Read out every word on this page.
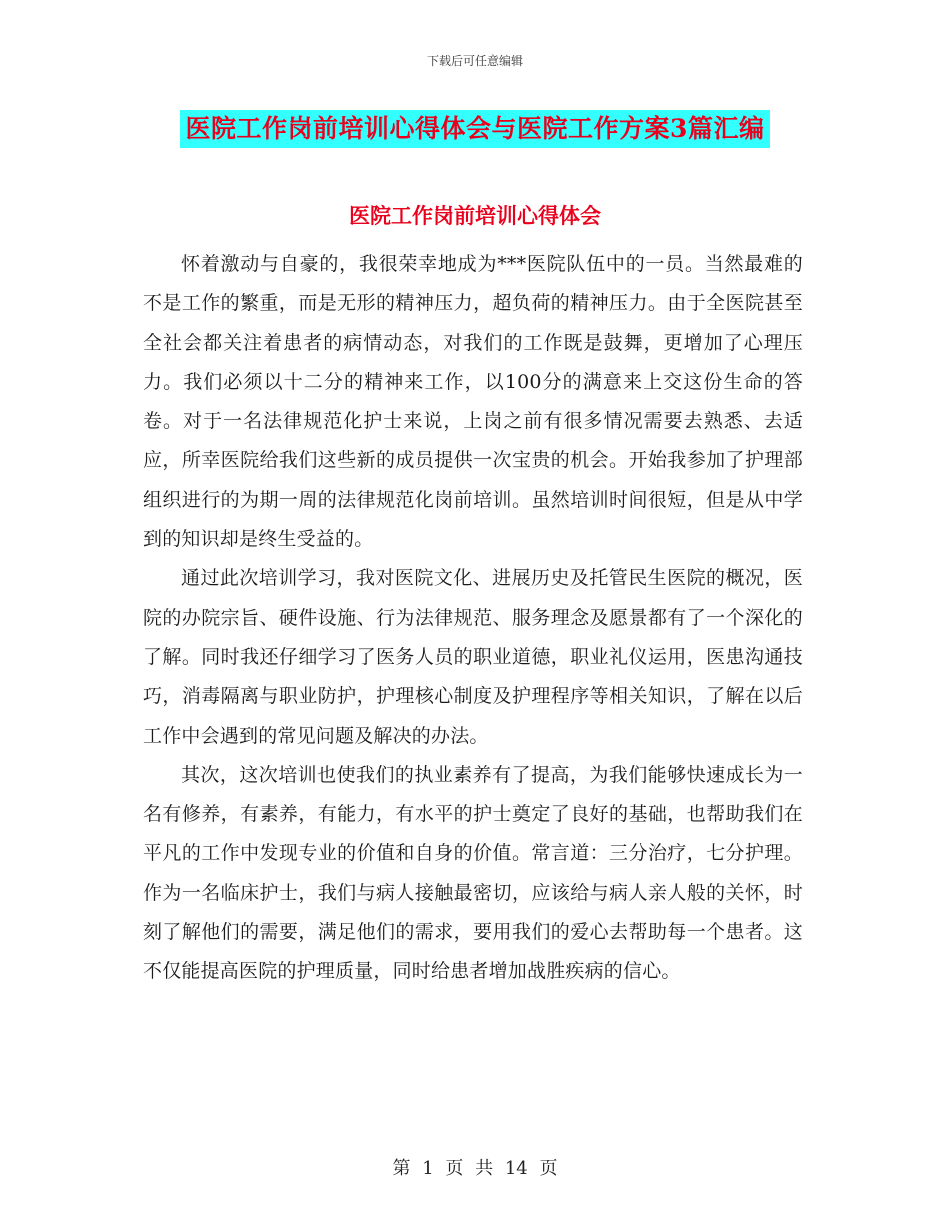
下载后可任意编辑
医院工作岗前培训心得体会与医院工作方案3篇汇编
医院工作岗前培训心得体会

怀着激动与自豪的，我很荣幸地成为***医院队伍中的一员。当然最难的不是工作的繁重，而是无形的精神压力，超负荷的精神压力。由于全医院甚至全社会都关注着患者的病情动态，对我们的工作既是鼓舞，更增加了心理压力。我们必须以十二分的精神来工作，以100分的满意来上交这份生命的答卷。对于一名法律规范化护士来说，上岗之前有很多情况需要去熟悉、去适应，所幸医院给我们这些新的成员提供一次宝贵的机会。开始我参加了护理部组织进行的为期一周的法律规范化岗前培训。虽然培训时间很短，但是从中学到的知识却是终生受益的。

通过此次培训学习，我对医院文化、进展历史及托管民生医院的概况，医院的办院宗旨、硬件设施、行为法律规范、服务理念及愿景都有了一个深化的了解。同时我还仔细学习了医务人员的职业道德，职业礼仪运用，医患沟通技巧，消毒隔离与职业防护，护理核心制度及护理程序等相关知识，了解在以后工作中会遇到的常见问题及解决的办法。

其次，这次培训也使我们的执业素养有了提高，为我们能够快速成长为一名有修养，有素养，有能力，有水平的护士奠定了良好的基础，也帮助我们在平凡的工作中发现专业的价值和自身的价值。常言道：三分治疗，七分护理。作为一名临床护士，我们与病人接触最密切，应该给与病人亲人般的关怀，时刻了解他们的需要，满足他们的需求，要用我们的爱心去帮助每一个患者。这不仅能提高医院的护理质量，同时给患者增加战胜疾病的信心。

第 1 页 共 14 页
